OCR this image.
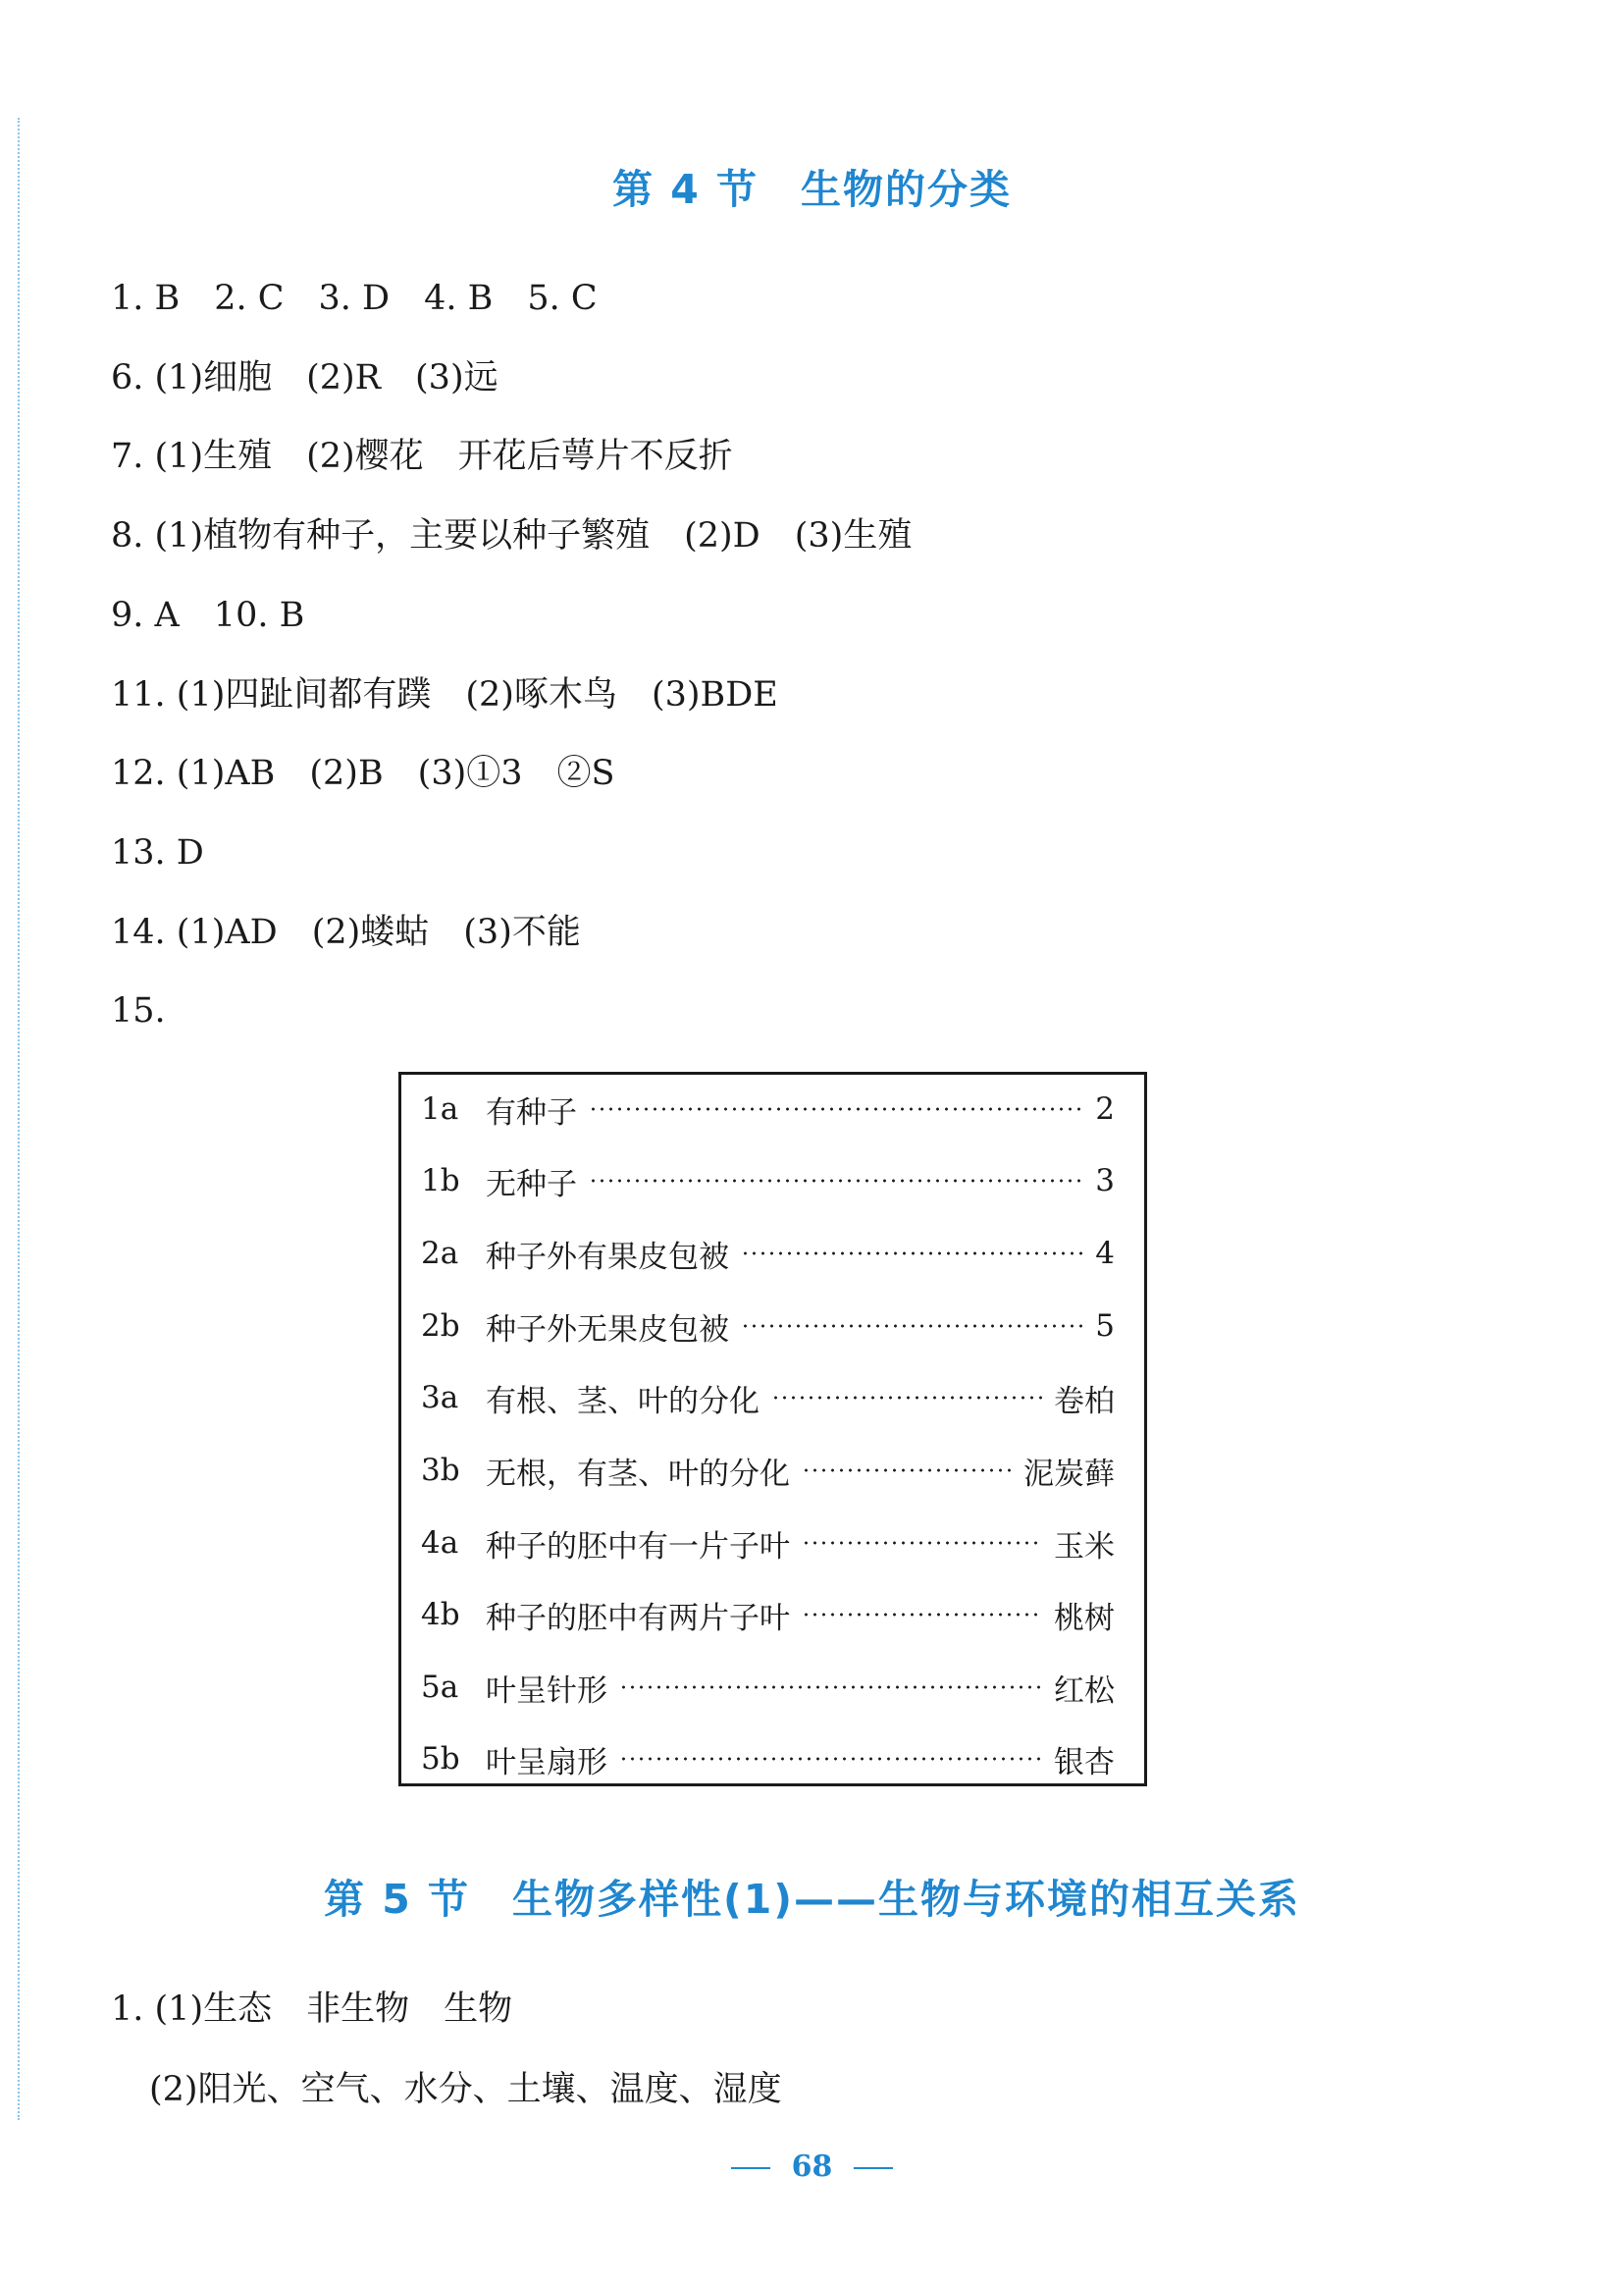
第 4 节　生物的分类
1. B　2. C　3. D　4. B　5. C
6. (1)细胞　(2)R　(3)远
7. (1)生殖　(2)樱花　开花后萼片不反折
8. (1)植物有种子，主要以种子繁殖　(2)D　(3)生殖
9. A　10. B
11. (1)四趾间都有蹼　(2)啄木鸟　(3)BDE
12. (1)AB　(2)B　(3)①3　②S
13. D
14. (1)AD　(2)蝼蛄　(3)不能
15.
1a 有种子	2
1b 无种子	3
2a 种子外有果皮包被	4
2b 种子外无果皮包被	5
3a 有根、茎、叶的分化	卷柏
3b 无根，有茎、叶的分化	泥炭藓
4a 种子的胚中有一片子叶	玉米
4b 种子的胚中有两片子叶	桃树
5a 叶呈针形	红松
5b 叶呈扇形	银杏
第 5 节　生物多样性(1)——生物与环境的相互关系
1. (1)生态　非生物　生物
(2)阳光、空气、水分、土壤、温度、湿度
68
